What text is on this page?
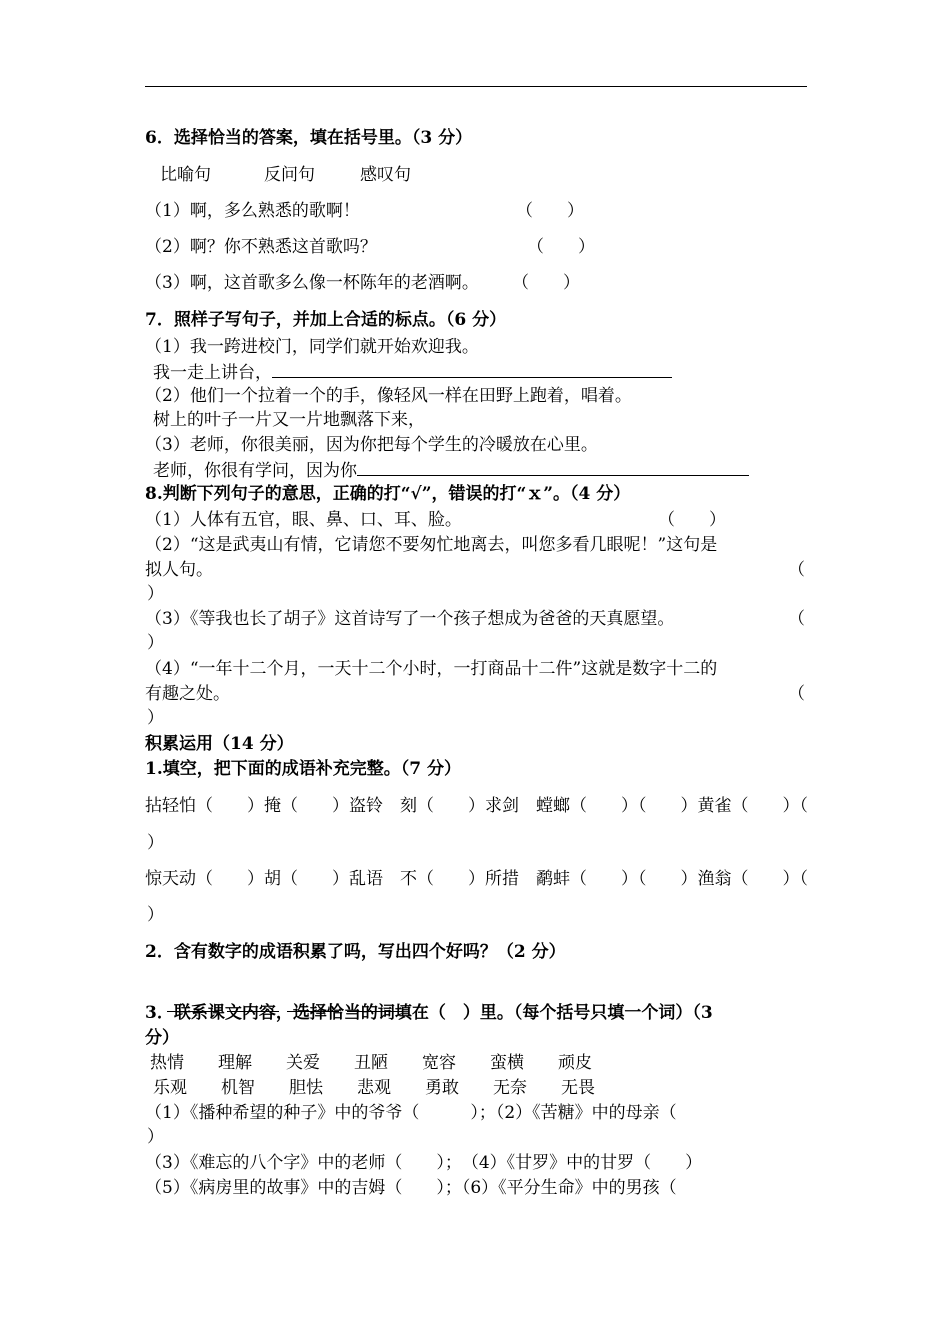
6．选择恰当的答案，填在括号里。（3 分）
比喻句	反问句	感叹句
（1）啊，多么熟悉的歌啊！	（　　）
（2）啊？你不熟悉这首歌吗？	（　　）
（3）啊，这首歌多么像一杯陈年的老酒啊。 （　　）
7．照样子写句子，并加上合适的标点。（6 分）
（1）我一跨进校门，同学们就开始欢迎我。
我一走上讲台，
（2）他们一个拉着一个的手，像轻风一样在田野上跑着，唱着。
树上的叶子一片又一片地飘落下来，
（3）老师，你很美丽，因为你把每个学生的冷暖放在心里。
老师，你很有学问，因为你
8.判断下列句子的意思，正确的打“√”，错误的打“ｘ”。（4 分）
（1）人体有五官，眼、鼻、口、耳、脸。	（　　）
（2）“这是武夷山有情，它请您不要匆忙地离去，叫您多看几眼呢！”这句是
拟人句。	（
）
（3）《等我也长了胡子》这首诗写了一个孩子想成为爸爸的天真愿望。	（
）
（4）“一年十二个月，一天十二个小时，一打商品十二件”这就是数字十二的
有趣之处。	（
）
积累运用（14 分）
1.填空，把下面的成语补充完整。（7 分）
拈轻怕（　　）掩（　　）盗铃　刻（　　）求剑　螳螂（　　）（　　）黄雀（　　）（
）
惊天动（　　）胡（　　）乱语　不（　　）所措　鹬蚌（　　）（　　）渔翁（　　）（
）
2．含有数字的成语积累了吗，写出四个好吗？（2 分）

3．联系课文内容，选择恰当的词填在（　）里。（每个括号只填一个词）（3
分）
热情　　理解　　关爱　　丑陋　　宽容　　蛮横　　顽皮
乐观　　机智　　胆怯　　悲观　　勇敢　　无奈　　无畏
（1）《播种希望的种子》中的爷爷（　　　）；（2）《苦糖》中的母亲（
）
（3）《难忘的八个字》中的老师（　　）；　（4）《甘罗》中的甘罗（　　）
（5）《病房里的故事》中的吉姆（　　）；（6）《平分生命》中的男孩（
